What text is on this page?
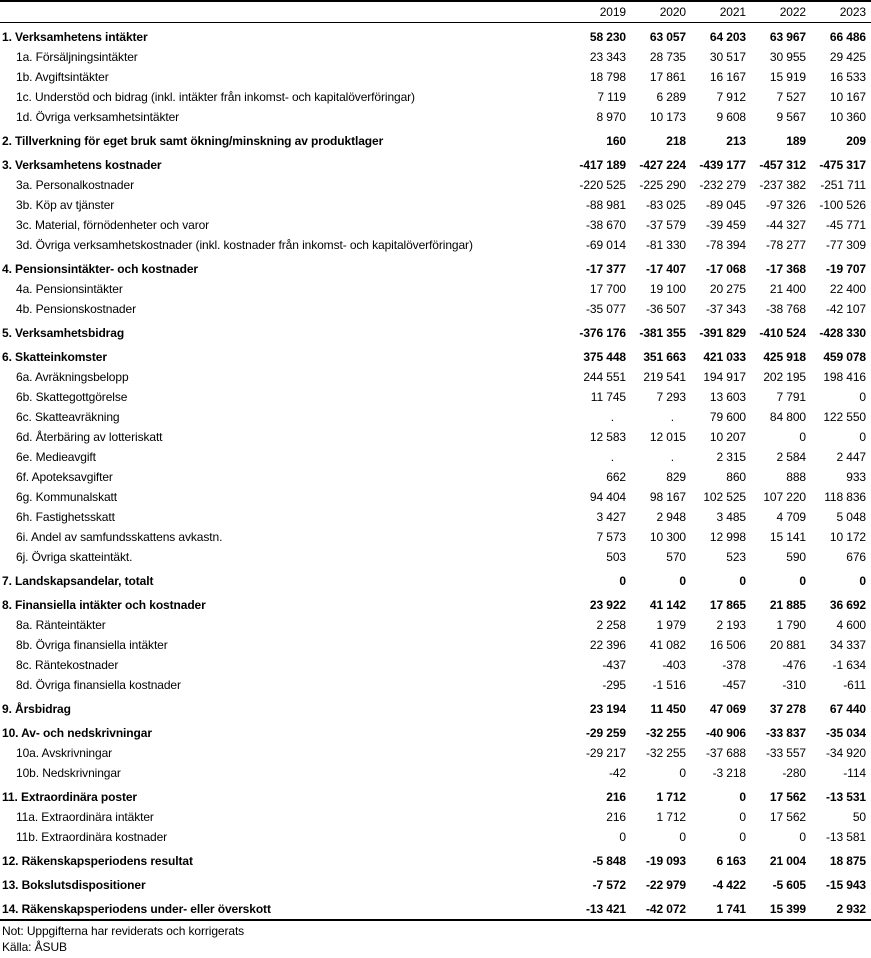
2019	2020	2021	2022	2023
1. Verksamhetens intäkter	58 230	63 057	64 203	63 967	66 486
1a. Försäljningsintäkter	23 343	28 735	30 517	30 955	29 425
1b. Avgiftsintäkter	18 798	17 861	16 167	15 919	16 533
1c. Understöd och bidrag (inkl. intäkter från inkomst- och kapitalöverföringar)	7 119	6 289	7 912	7 527	10 167
1d. Övriga verksamhetsintäkter	8 970	10 173	9 608	9 567	10 360
2. Tillverkning för eget bruk samt ökning/minskning av produktlager	160	218	213	189	209
3. Verksamhetens kostnader	-417 189	-427 224	-439 177	-457 312	-475 317
3a. Personalkostnader	-220 525	-225 290	-232 279	-237 382	-251 711
3b. Köp av tjänster	-88 981	-83 025	-89 045	-97 326	-100 526
3c. Material, förnödenheter och varor	-38 670	-37 579	-39 459	-44 327	-45 771
3d. Övriga verksamhetskostnader (inkl. kostnader från inkomst- och kapitalöverföringar)	-69 014	-81 330	-78 394	-78 277	-77 309
4. Pensionsintäkter- och kostnader	-17 377	-17 407	-17 068	-17 368	-19 707
4a. Pensionsintäkter	17 700	19 100	20 275	21 400	22 400
4b. Pensionskostnader	-35 077	-36 507	-37 343	-38 768	-42 107
5. Verksamhetsbidrag	-376 176	-381 355	-391 829	-410 524	-428 330
6. Skatteinkomster	375 448	351 663	421 033	425 918	459 078
6a. Avräkningsbelopp	244 551	219 541	194 917	202 195	198 416
6b. Skattegottgörelse	11 745	7 293	13 603	7 791	0
6c. Skatteavräkning	.	.	79 600	84 800	122 550
6d. Återbäring av lotteriskatt	12 583	12 015	10 207	0	0
6e. Medieavgift	.	.	2 315	2 584	2 447
6f. Apoteksavgifter	662	829	860	888	933
6g. Kommunalskatt	94 404	98 167	102 525	107 220	118 836
6h. Fastighetsskatt	3 427	2 948	3 485	4 709	5 048
6i. Andel av samfundsskattens avkastn.	7 573	10 300	12 998	15 141	10 172
6j. Övriga skatteintäkt.	503	570	523	590	676
7. Landskapsandelar, totalt	0	0	0	0	0
8. Finansiella intäkter och kostnader	23 922	41 142	17 865	21 885	36 692
8a. Ränteintäkter	2 258	1 979	2 193	1 790	4 600
8b. Övriga finansiella intäkter	22 396	41 082	16 506	20 881	34 337
8c. Räntekostnader	-437	-403	-378	-476	-1 634
8d. Övriga finansiella kostnader	-295	-1 516	-457	-310	-611
9. Årsbidrag	23 194	11 450	47 069	37 278	67 440
10. Av- och nedskrivningar	-29 259	-32 255	-40 906	-33 837	-35 034
10a. Avskrivningar	-29 217	-32 255	-37 688	-33 557	-34 920
10b. Nedskrivningar	-42	0	-3 218	-280	-114
11. Extraordinära poster	216	1 712	0	17 562	-13 531
11a. Extraordinära intäkter	216	1 712	0	17 562	50
11b. Extraordinära kostnader	0	0	0	0	-13 581
12. Räkenskapsperiodens resultat	-5 848	-19 093	6 163	21 004	18 875
13. Bokslutsdispositioner	-7 572	-22 979	-4 422	-5 605	-15 943
14. Räkenskapsperiodens under- eller överskott	-13 421	-42 072	1 741	15 399	2 932
Not: Uppgifterna har reviderats och korrigerats
Källa: ÅSUB
